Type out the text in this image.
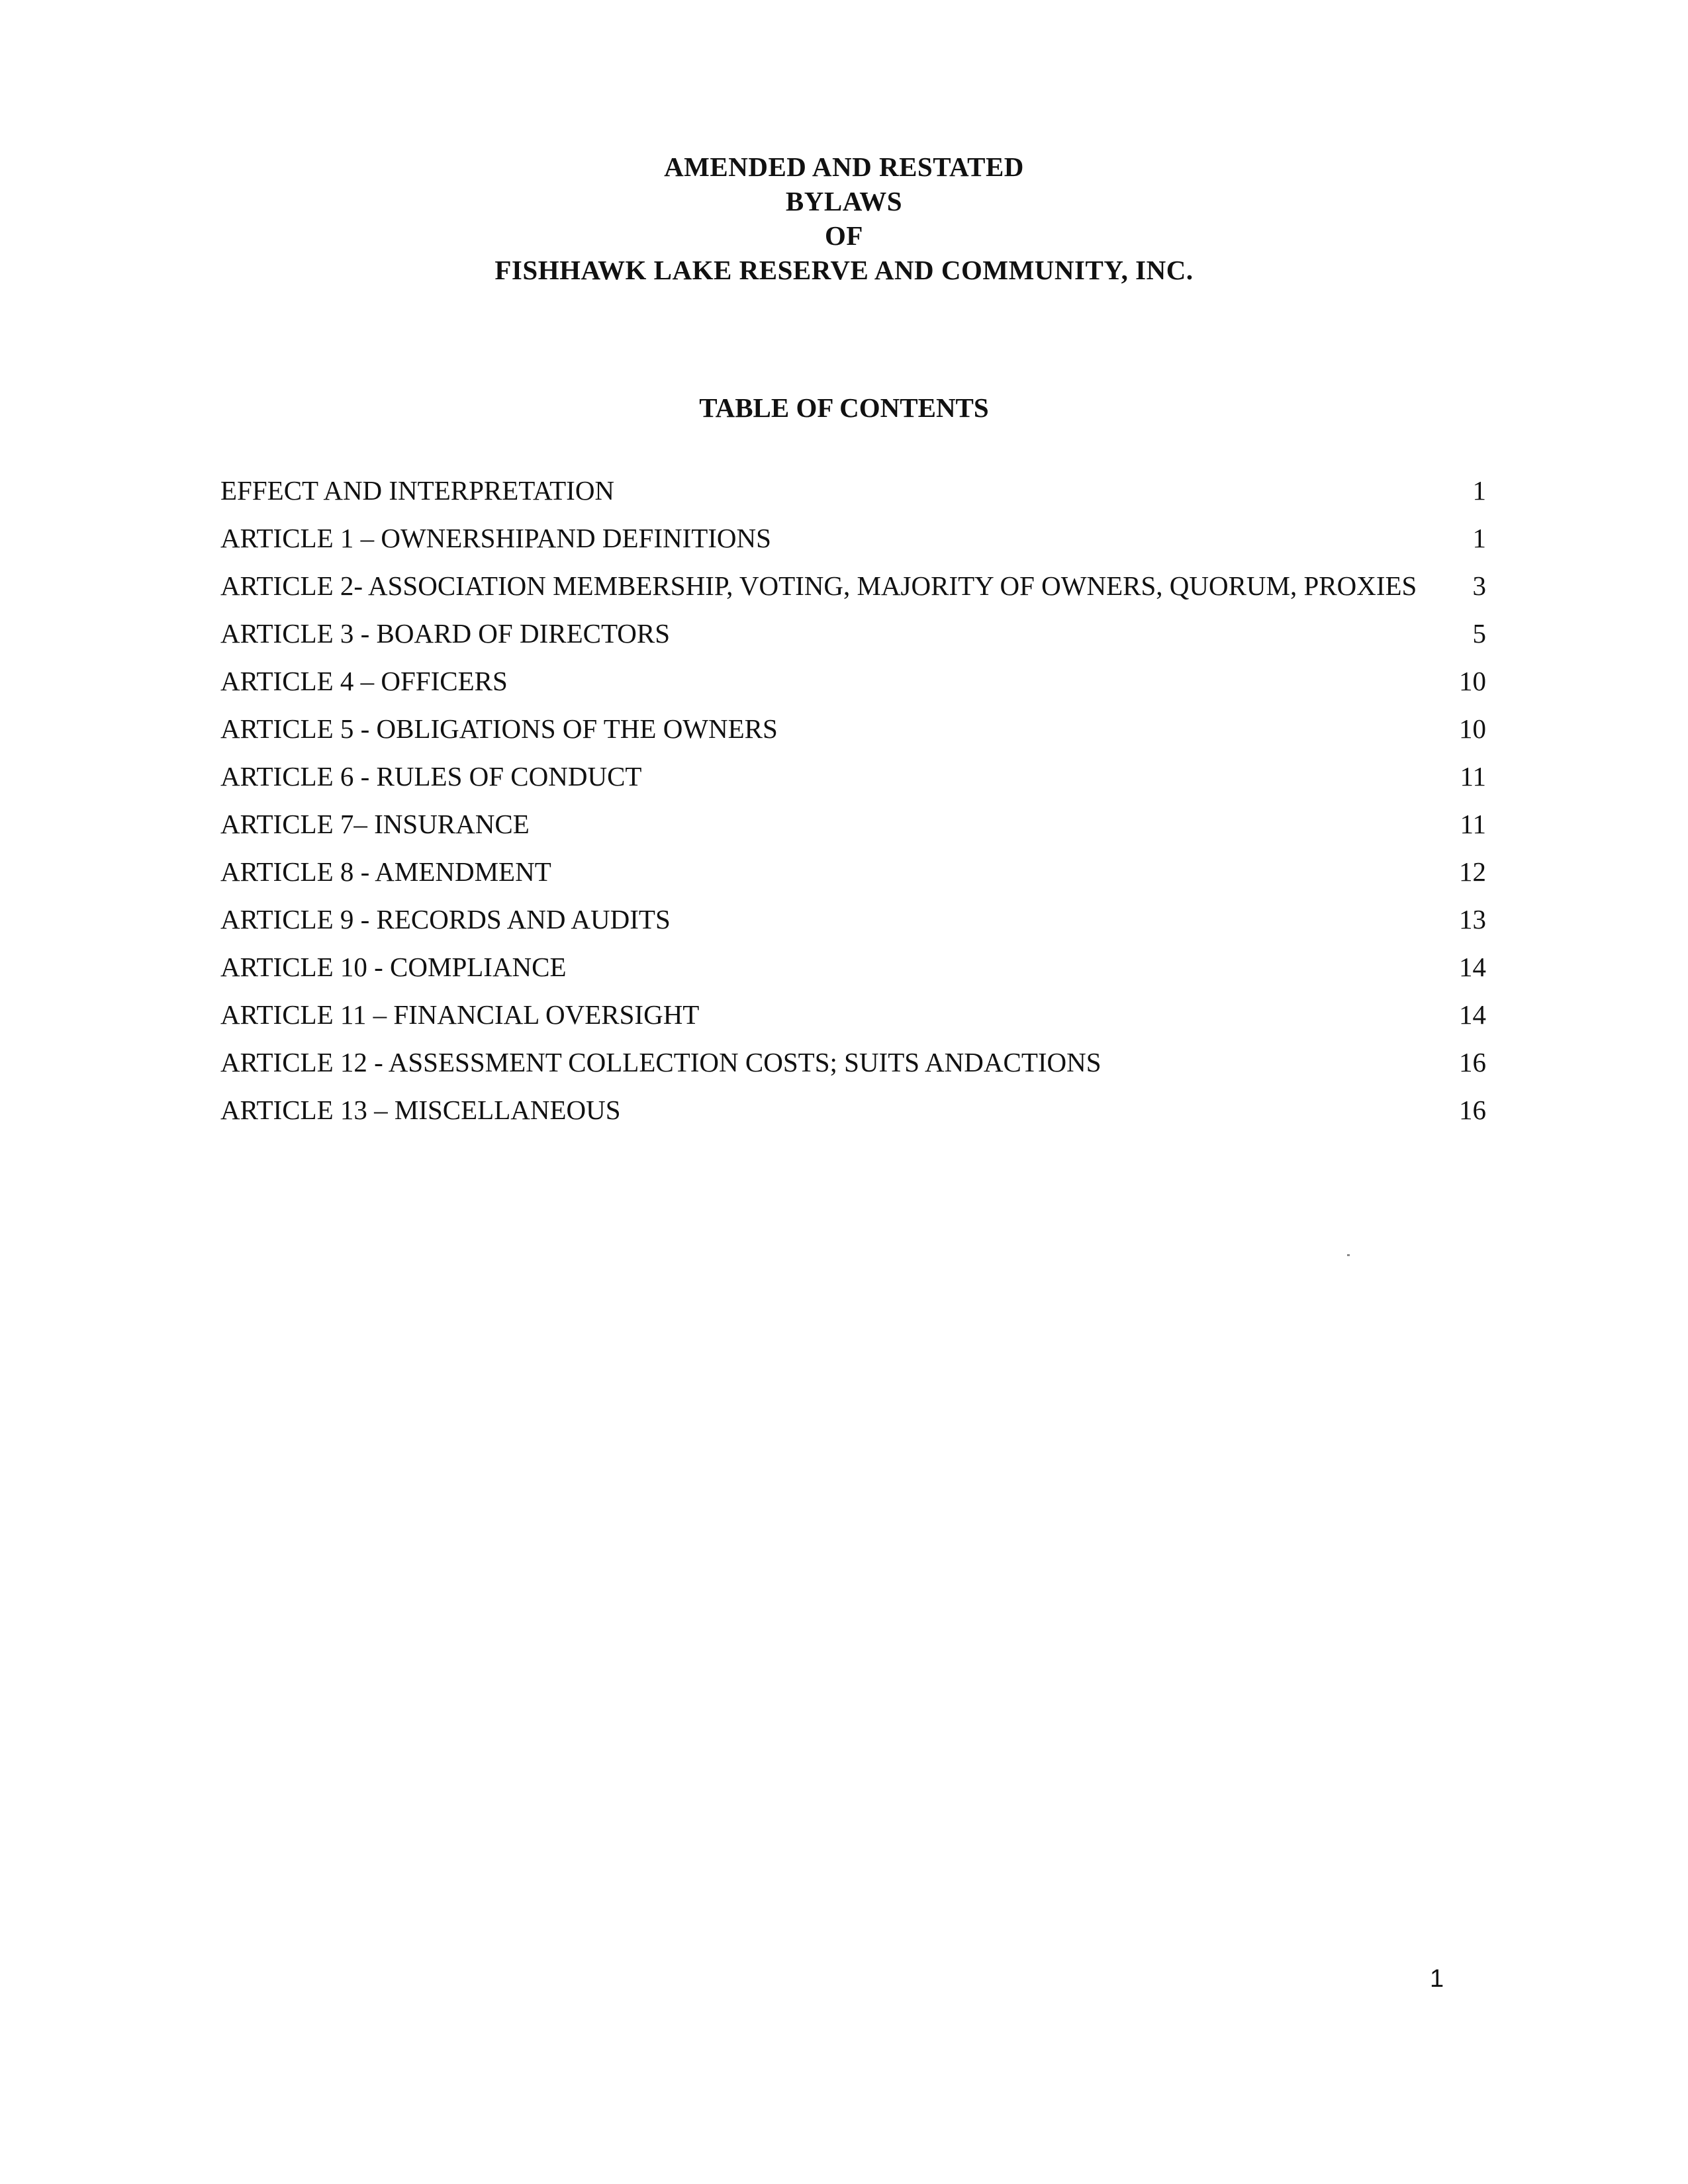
AMENDED AND RESTATED
BYLAWS
OF
FISHHAWK LAKE RESERVE AND COMMUNITY, INC.
TABLE OF CONTENTS
EFFECT AND INTERPRETATION	1
ARTICLE 1 – OWNERSHIPAND DEFINITIONS	1
ARTICLE 2- ASSOCIATION MEMBERSHIP, VOTING, MAJORITY OF OWNERS, QUORUM, PROXIES	3
ARTICLE 3 - BOARD OF DIRECTORS	5
ARTICLE 4 – OFFICERS	10
ARTICLE 5 - OBLIGATIONS OF THE OWNERS	10
ARTICLE 6 - RULES OF CONDUCT	11
ARTICLE 7– INSURANCE	11
ARTICLE 8 - AMENDMENT	12
ARTICLE 9 - RECORDS AND AUDITS	13
ARTICLE 10 - COMPLIANCE	14
ARTICLE 11 – FINANCIAL OVERSIGHT	14
ARTICLE 12 - ASSESSMENT COLLECTION COSTS; SUITS ANDACTIONS	16
ARTICLE 13 – MISCELLANEOUS	16
1
